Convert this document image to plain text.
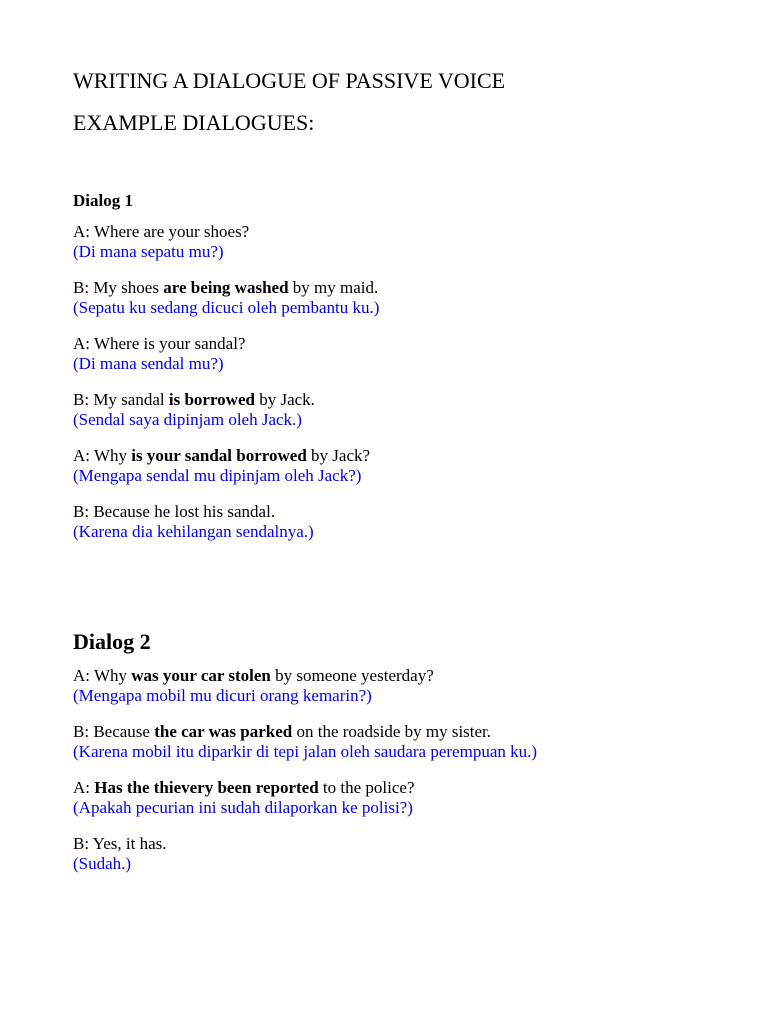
WRITING A DIALOGUE OF PASSIVE VOICE
EXAMPLE DIALOGUES:
Dialog 1
A: Where are your shoes?
(Di mana sepatu mu?)
B: My shoes are being washed by my maid.
(Sepatu ku sedang dicuci oleh pembantu ku.)
A: Where is your sandal?
(Di mana sendal mu?)
B: My sandal is borrowed by Jack.
(Sendal saya dipinjam oleh Jack.)
A: Why is your sandal borrowed by Jack?
(Mengapa sendal mu dipinjam oleh Jack?)
B: Because he lost his sandal.
(Karena dia kehilangan sendalnya.)
Dialog 2
A: Why was your car stolen by someone yesterday?
(Mengapa mobil mu dicuri orang kemarin?)
B: Because the car was parked on the roadside by my sister.
(Karena mobil itu diparkir di tepi jalan oleh saudara perempuan ku.)
A: Has the thievery been reported to the police?
(Apakah pecurian ini sudah dilaporkan ke polisi?)
B: Yes, it has.
(Sudah.)
